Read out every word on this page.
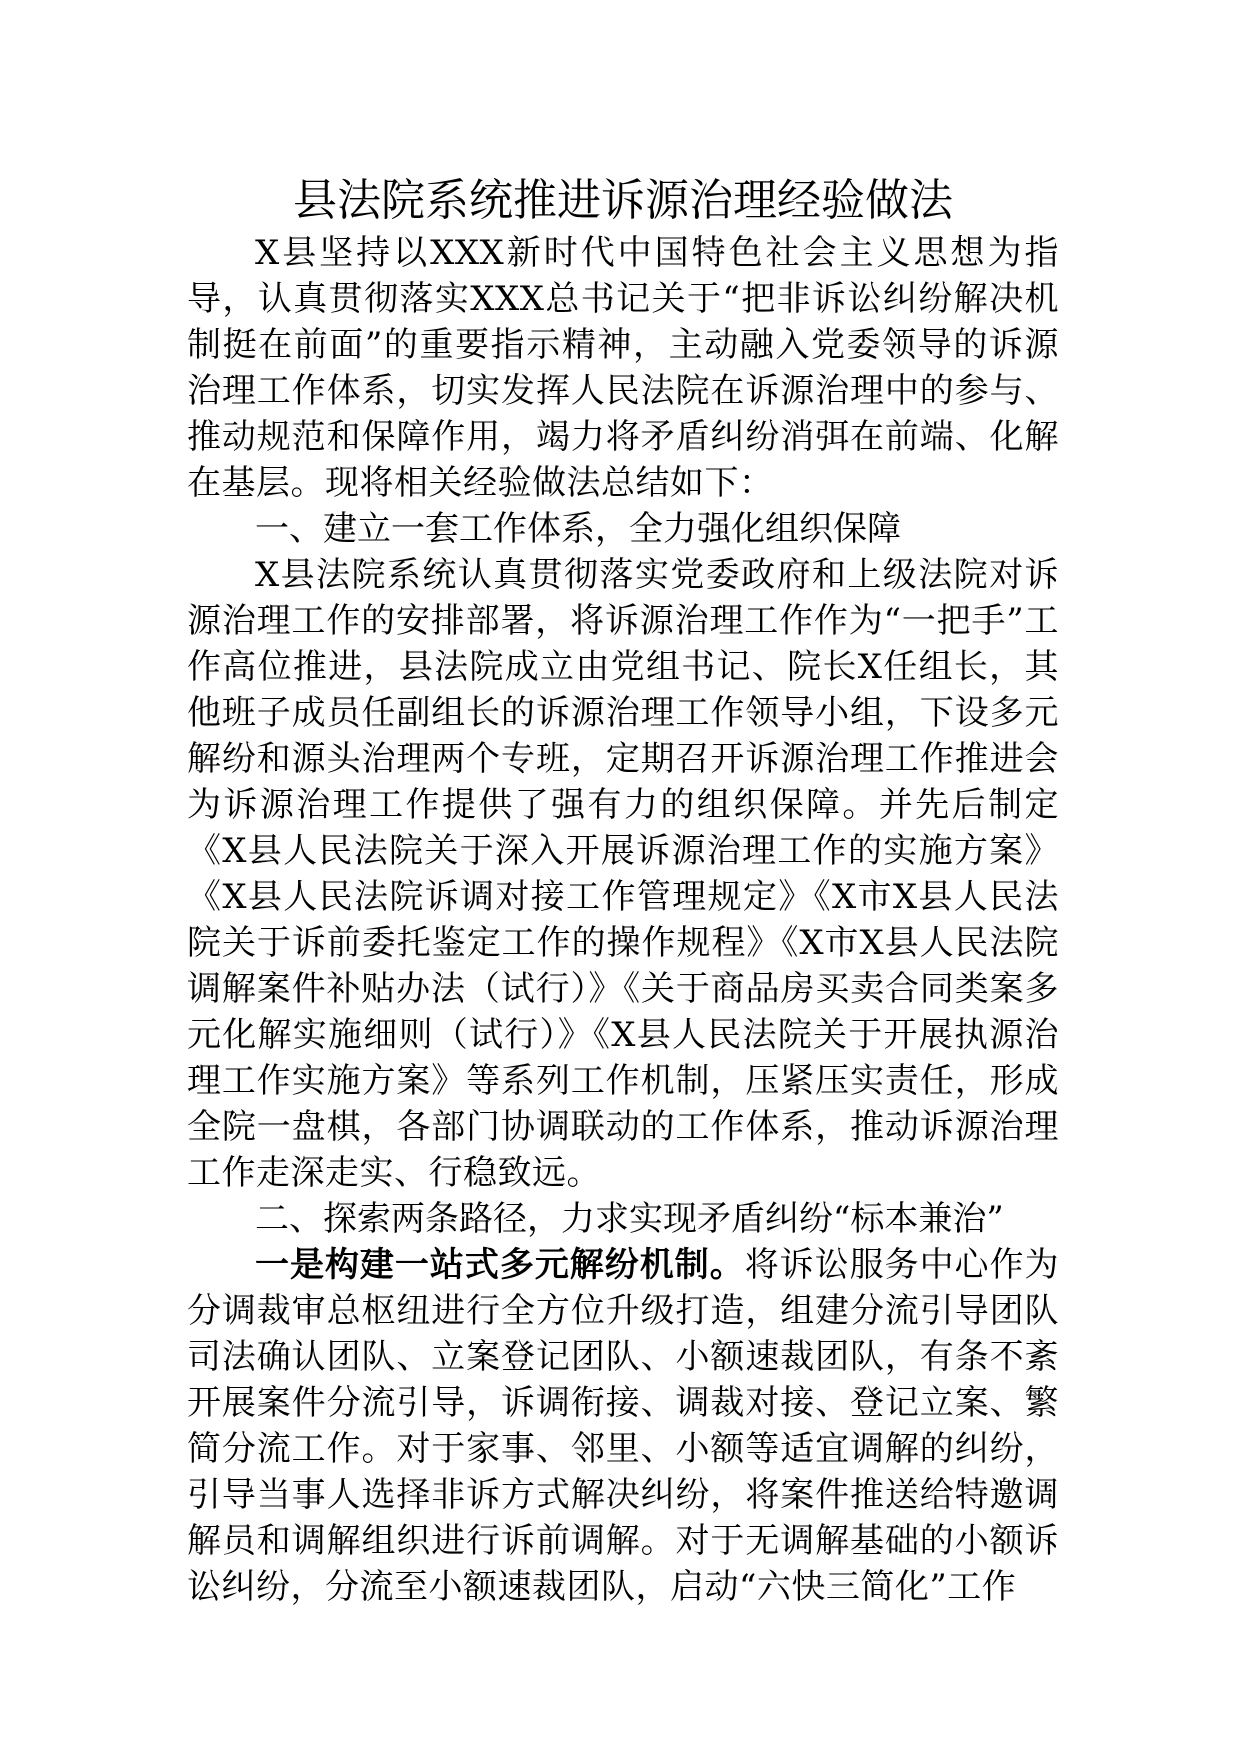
县法院系统推进诉源治理经验做法

X县坚持以XXX新时代中国特色社会主义思想为指导，认真贯彻落实XXX总书记关于“把非诉讼纠纷解决机制挺在前面”的重要指示精神，主动融入党委领导的诉源治理工作体系，切实发挥人民法院在诉源治理中的参与、推动规范和保障作用，竭力将矛盾纠纷消弭在前端、化解在基层。现将相关经验做法总结如下：

一、建立一套工作体系，全力强化组织保障

X县法院系统认真贯彻落实党委政府和上级法院对诉源治理工作的安排部署，将诉源治理工作作为“一把手”工作高位推进，县法院成立由党组书记、院长X任组长，其他班子成员任副组长的诉源治理工作领导小组，下设多元解纷和源头治理两个专班，定期召开诉源治理工作推进会为诉源治理工作提供了强有力的组织保障。并先后制定《X县人民法院关于深入开展诉源治理工作的实施方案》《X县人民法院诉调对接工作管理规定》《X市X县人民法院关于诉前委托鉴定工作的操作规程》《X市X县人民法院调解案件补贴办法（试行）》《关于商品房买卖合同类案多元化解实施细则（试行）》《X县人民法院关于开展执源治理工作实施方案》等系列工作机制，压紧压实责任，形成全院一盘棋，各部门协调联动的工作体系，推动诉源治理工作走深走实、行稳致远。

二、探索两条路径，力求实现矛盾纠纷“标本兼治”

一是构建一站式多元解纷机制。将诉讼服务中心作为分调裁审总枢纽进行全方位升级打造，组建分流引导团队司法确认团队、立案登记团队、小额速裁团队，有条不紊开展案件分流引导，诉调衔接、调裁对接、登记立案、繁简分流工作。对于家事、邻里、小额等适宜调解的纠纷，引导当事人选择非诉方式解决纠纷，将案件推送给特邀调解员和调解组织进行诉前调解。对于无调解基础的小额诉讼纠纷，分流至小额速裁团队，启动“六快三简化”工作
